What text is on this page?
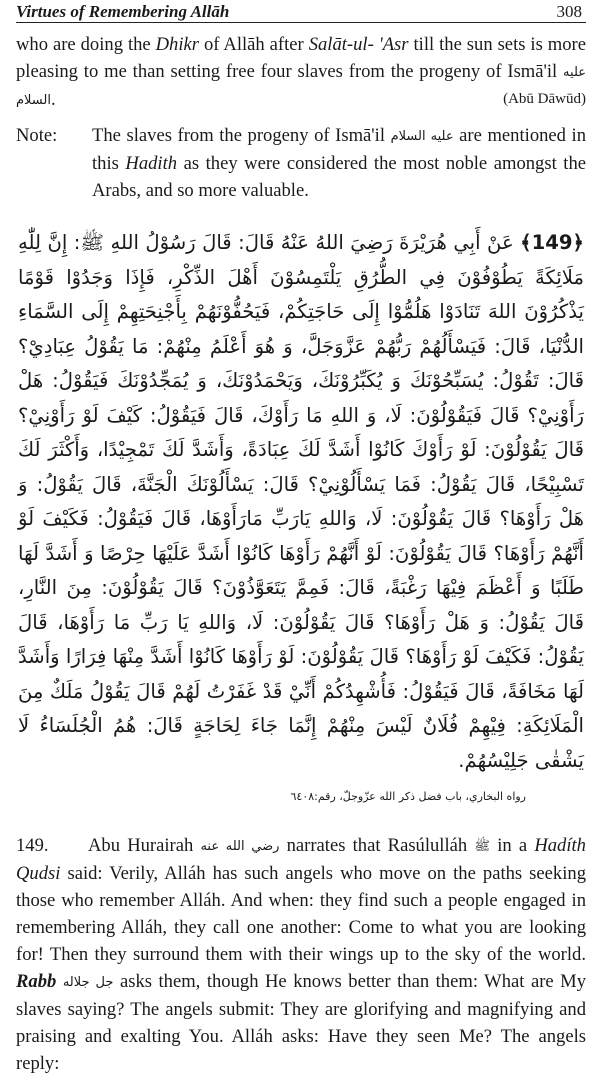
Virtues of Remembering Allāh	308

who are doing the Dhikr of Allāh after Salāt-ul- 'Asr till the sun sets is more pleasing to me than setting free four slaves from the progeny of Ismā'il عليه السلام.	(Abū Dāwūd)

Note:	The slaves from the progeny of Ismā'il عليه السلام are mentioned in this Hadith as they were considered the most noble amongst the Arabs, and so more valuable.
﴿149﴾ عَنْ أَبِي هُرَيْرَةَ رَضِيَ اللهُ عَنْهُ قَالَ: قَالَ رَسُوْلُ اللهِ ﷺ: إِنَّ لِلّٰهِ مَلَائِكَةً يَطُوْفُوْنَ فِي الطُّرُقِ يَلْتَمِسُوْنَ أَهْلَ الذِّكْرِ، فَإِذَا وَجَدُوْا قَوْمًا يَذْكُرُوْنَ اللهَ تَنَادَوْا هَلُمُّوْا إِلَى حَاجَتِكُمْ، فَيَحُفُّوْنَهُمْ بِأَجْنِحَتِهِمْ إِلَى السَّمَاءِ الدُّنْيَا، قَالَ: فَيَسْأَلُهُمْ رَبُّهُمْ عَزَّوَجَلَّ، وَ هُوَ أَعْلَمُ مِنْهُمْ: مَا يَقُوْلُ عِبَادِيْ؟ قَالَ: تَقُوْلُ: يُسَبِّحُوْنَكَ وَ يُكَبِّرُوْنَكَ، وَيَحْمَدُوْنَكَ، وَ يُمَجِّدُوْنَكَ فَيَقُوْلُ: هَلْ رَأَوْنِيْ؟ قَالَ فَيَقُوْلُوْنَ: لَا، وَ اللهِ مَا رَأَوْكَ، قَالَ فَيَقُوْلُ: كَيْفَ لَوْ رَأَوْنِيْ؟ قَالَ يَقُوْلُوْنَ: لَوْ رَأَوْكَ كَانُوْا أَشَدَّ لَكَ عِبَادَةً، وَأَشَدَّ لَكَ تَمْجِيْدًا، وَأَكْثَرَ لَكَ تَسْبِيْحًا، قَالَ يَقُوْلُ: فَمَا يَسْأَلُوْنِيْ؟ قَالَ: يَسْأَلُوْنَكَ الْجَنَّةَ، قَالَ يَقُوْلُ: وَ هَلْ رَأَوْهَا؟ قَالَ يَقُوْلُوْنَ: لَا، وَاللهِ يَارَبِّ مَارَأَوْهَا، قَالَ فَيَقُوْلُ: فَكَيْفَ لَوْ أَنَّهُمْ رَأَوْهَا؟ قَالَ يَقُوْلُوْنَ: لَوْ أَنَّهُمْ رَأَوْهَا كَانُوْا أَشَدَّ عَلَيْهَا حِرْصًا وَ أَشَدَّ لَهَا طَلَبًا وَ أَعْظَمَ فِيْهَا رَغْبَةً، قَالَ: فَمِمَّ يَتَعَوَّذُوْنَ؟ قَالَ يَقُوْلُوْنَ: مِنَ النَّارِ، قَالَ يَقُوْلُ: وَ هَلْ رَأَوْهَا؟ قَالَ يَقُوْلُوْنَ: لَا، وَاللهِ يَا رَبِّ مَا رَأَوْهَا، قَالَ يَقُوْلُ: فَكَيْفَ لَوْ رَأَوْهَا؟ قَالَ يَقُوْلُوْنَ: لَوْ رَأَوْهَا كَانُوْا أَشَدَّ مِنْهَا فِرَارًا وَأَشَدَّ لَهَا مَخَافَةً، قَالَ فَيَقُوْلُ: فَأُشْهِدُكُمْ أَنِّيْ قَدْ غَفَرْتُ لَهُمْ قَالَ يَقُوْلُ مَلَكٌ مِنَ الْمَلَائِكَةِ: فِيْهِمْ فُلَانٌ لَيْسَ مِنْهُمْ إِنَّمَا جَاءَ لِحَاجَةٍ قَالَ: هُمُ الْجُلَسَاءُ لَا يَشْقٰى جَلِيْسُهُمْ.
رواه البخاري، باب فضل ذكر الله عزّوجلّ، رقم:٦٤٠٨

149. Abu Hurairah رضي الله عنه narrates that Rasúlulláh ﷺ in a Hadíth Qudsi said: Verily, Alláh has such angels who move on the paths seeking those who remember Alláh. And when: they find such a people engaged in remembering Alláh, they call one another: Come to what you are looking for! Then they surround them with their wings up to the sky of the world. Rabb جل جلاله asks them, though He knows better than them: What are My slaves saying? The angels submit: They are glorifying and magnifying and praising and exalting You. Alláh asks: Have they seen Me? The angels reply:
